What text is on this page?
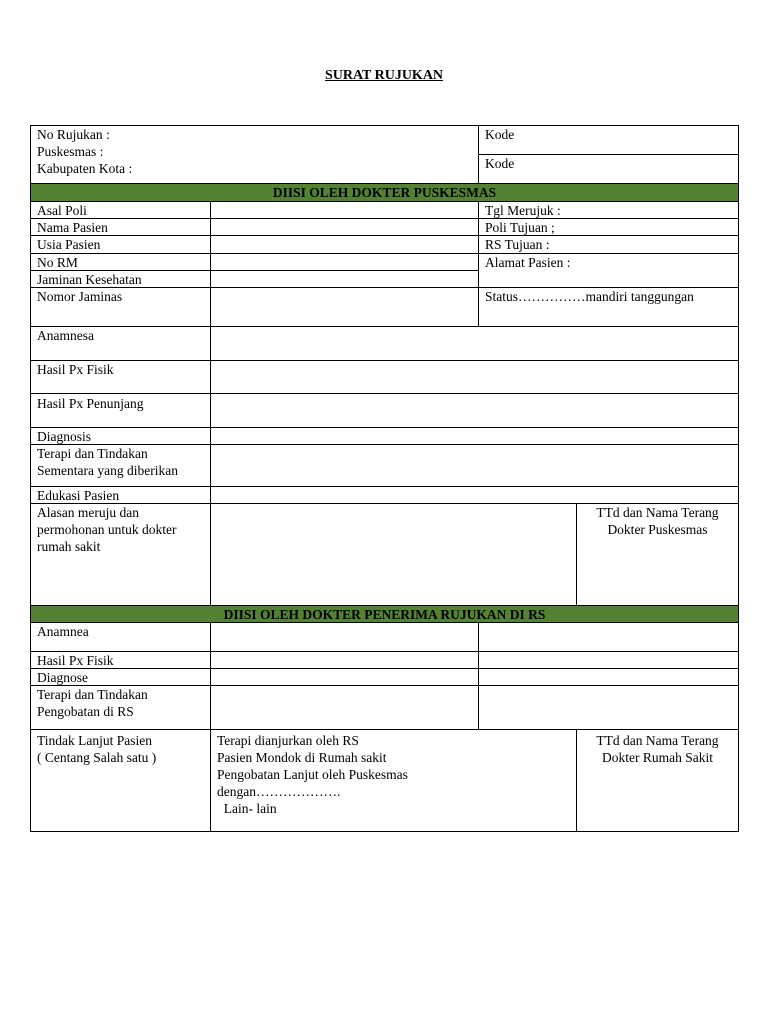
SURAT RUJUKAN
No Rujukan :
Puskesmas :
Kabupaten Kota :
Kode
Kode
DIISI OLEH DOKTER PUSKESMAS
Asal Poli
Nama Pasien
Usia Pasien
No RM
Jaminan Kesehatan
Nomor Jaminas
Tgl Merujuk :
Poli Tujuan ;
RS Tujuan :
Alamat Pasien :
Status……………mandiri tanggungan
Anamnesa
Hasil Px Fisik
Hasil Px Penunjang
Diagnosis
Terapi dan Tindakan
Sementara yang diberikan
Edukasi Pasien
Alasan meruju dan
permohonan untuk dokter
rumah sakit
TTd dan Nama Terang
Dokter Puskesmas
DIISI OLEH DOKTER PENERIMA RUJUKAN DI RS
Anamnea
Hasil Px Fisik
Diagnose
Terapi dan Tindakan
Pengobatan di RS
Tindak Lanjut Pasien
( Centang Salah satu )
Terapi dianjurkan oleh RS
Pasien Mondok di Rumah sakit
Pengobatan Lanjut oleh Puskesmas
dengan……………….
Lain- lain
TTd dan Nama Terang
Dokter Rumah Sakit
